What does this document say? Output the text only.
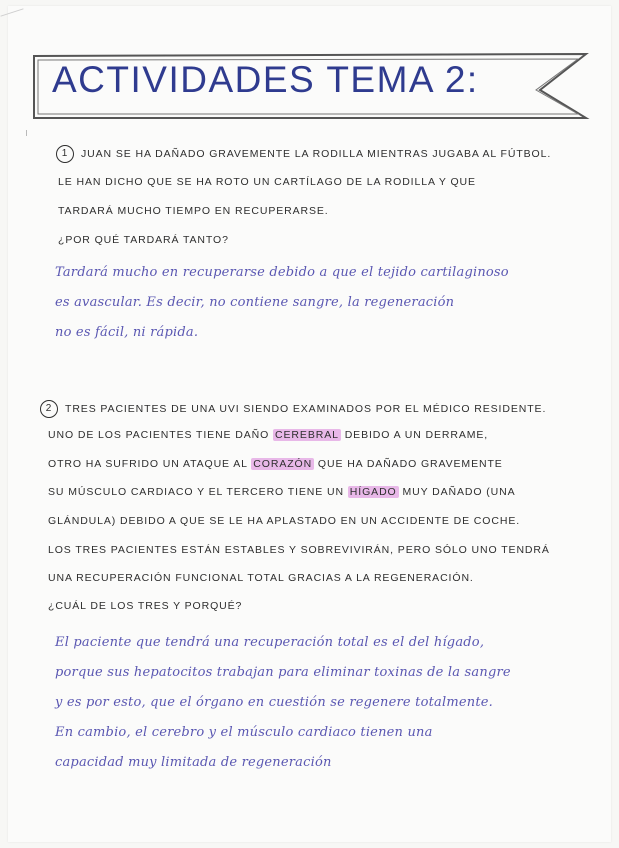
ACTIVIDADES TEMA 2:
1 JUAN SE HA DAÑADO GRAVEMENTE LA RODILLA MIENTRAS JUGABA AL FÚTBOL.
LE HAN DICHO QUE SE HA ROTO UN CARTÍLAGO DE LA RODILLA Y QUE
TARDARÁ MUCHO TIEMPO EN RECUPERARSE.
¿POR QUÉ TARDARÁ TANTO?
Tardará mucho en recuperarse debido a que el tejido cartilaginoso
es avascular. Es decir, no contiene sangre, la regeneración
no es fácil, ni rápida.
2 TRES PACIENTES DE UNA UVI SIENDO EXAMINADOS POR EL MÉDICO RESIDENTE.
UNO DE LOS PACIENTES TIENE DAÑO CEREBRAL DEBIDO A UN DERRAME,
OTRO HA SUFRIDO UN ATAQUE AL CORAZÓN QUE HA DAÑADO GRAVEMENTE
SU MÚSCULO CARDIACO Y EL TERCERO TIENE UN HÍGADO MUY DAÑADO (UNA
GLÁNDULA) DEBIDO A QUE SE LE HA APLASTADO EN UN ACCIDENTE DE COCHE.
LOS TRES PACIENTES ESTÁN ESTABLES Y SOBREVIVIRÁN, PERO SÓLO UNO TENDRÁ
UNA RECUPERACIÓN FUNCIONAL TOTAL GRACIAS A LA REGENERACIÓN.
¿CUÁL DE LOS TRES Y PORQUÉ?
El paciente que tendrá una recuperación total es el del hígado,
porque sus hepatocitos trabajan para eliminar toxinas de la sangre
y es por esto, que el órgano en cuestión se regenere totalmente.
En cambio, el cerebro y el músculo cardiaco tienen una
capacidad muy limitada de regeneración
